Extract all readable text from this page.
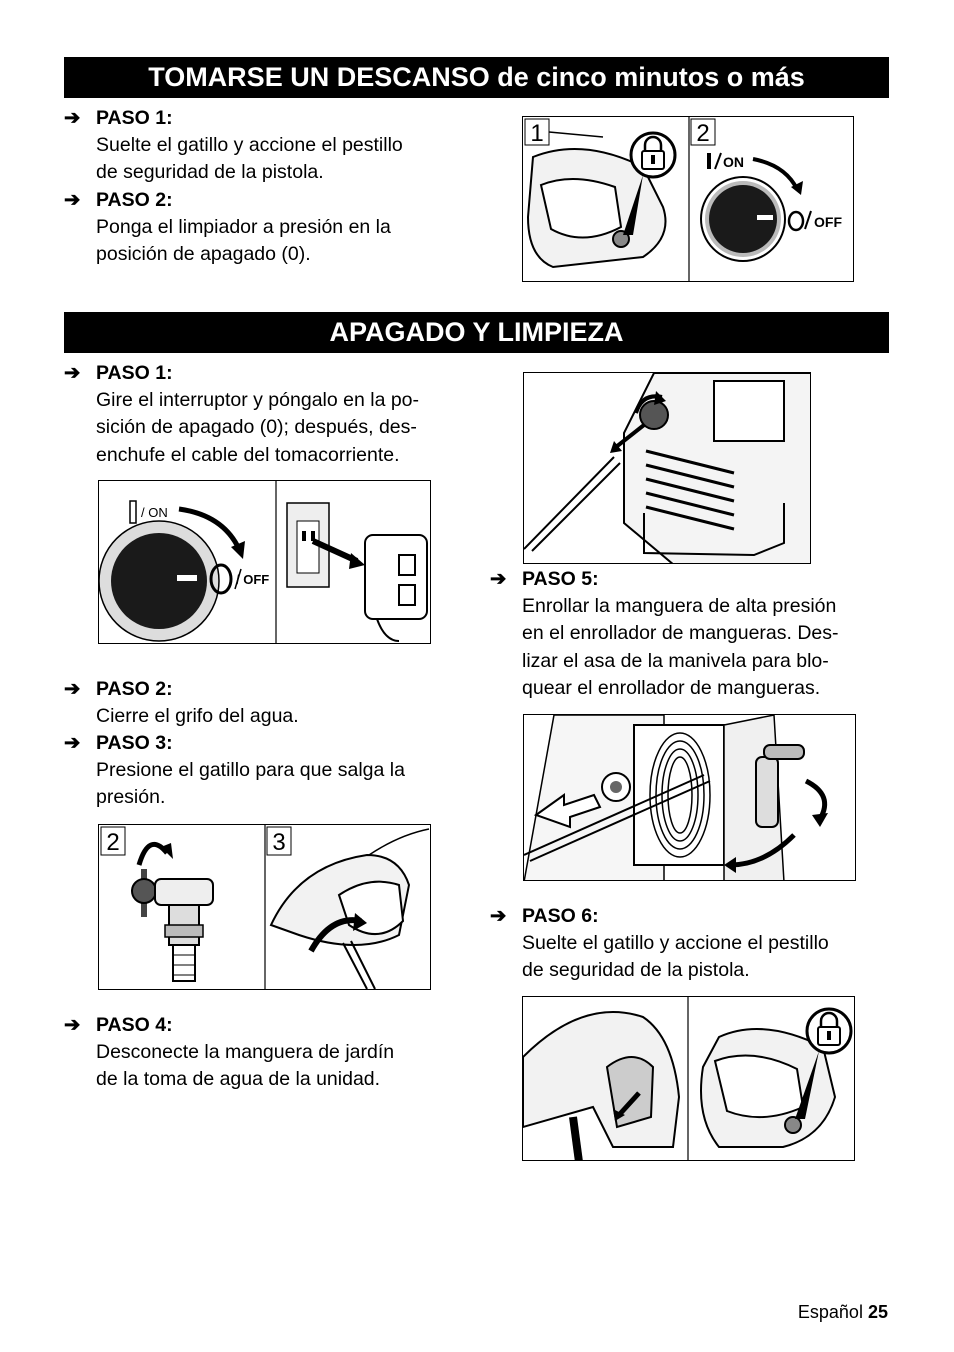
TOMARSE UN DESCANSO de cinco minutos o más
➔ PASO 1:
Suelte el gatillo y accione el pestillo
de seguridad de la pistola.
➔ PASO 2:
Ponga el limpiador a presión en la
posición de apagado (0).
1	2
ON
OFF
APAGADO Y LIMPIEZA
➔ PASO 1:
Gire el interruptor y póngalo en la po-
sición de apagado (0); después, des-
enchufe el cable del tomacorriente.
/ ON
/ OFF
➔ PASO 2:
Cierre el grifo del agua.
➔ PASO 3:
Presione el gatillo para que salga la
presión.
2	3
➔ PASO 4:
Desconecte la manguera de jardín
de la toma de agua de la unidad.
➔ PASO 5:
Enrollar la manguera de alta presión
en el enrollador de mangueras. Des-
lizar el asa de la manivela para blo-
quear el enrollador de mangueras.
➔ PASO 6:
Suelte el gatillo y accione el pestillo
de seguridad de la pistola.
Español 25
